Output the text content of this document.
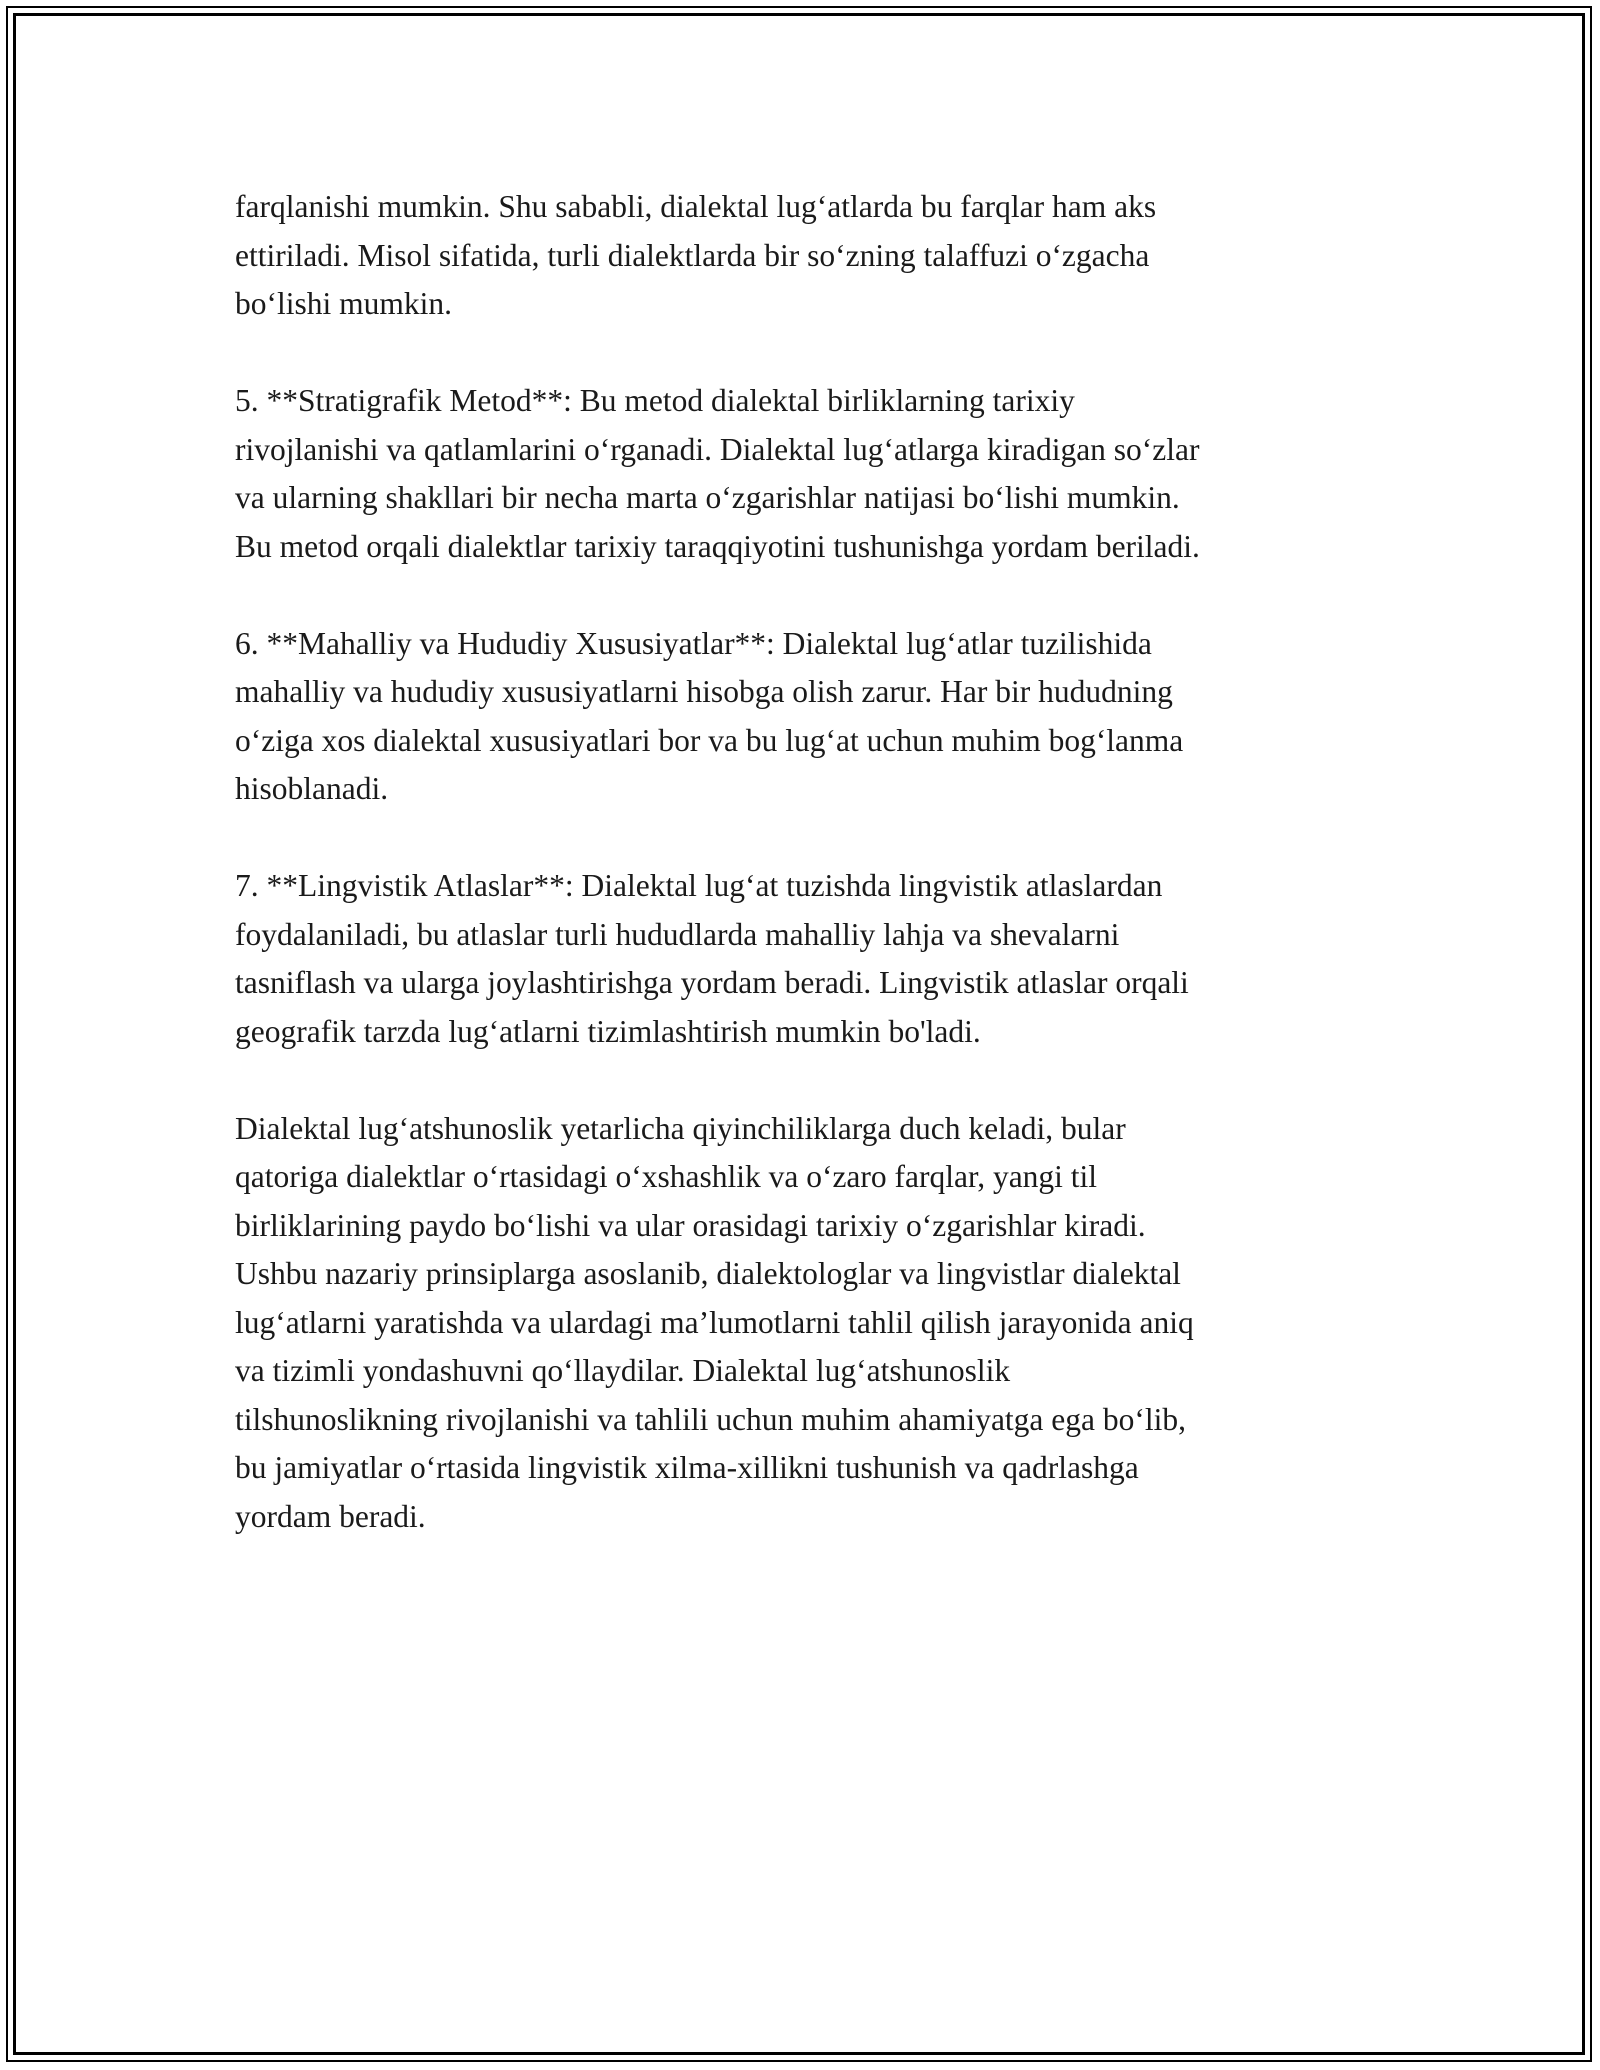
farqlanishi mumkin. Shu sababli, dialektal lug‘atlarda bu farqlar ham aks
ettiriladi. Misol sifatida, turli dialektlarda bir so‘zning talaffuzi o‘zgacha
bo‘lishi mumkin.

5. **Stratigrafik Metod**: Bu metod dialektal birliklarning tarixiy
rivojlanishi va qatlamlarini o‘rganadi. Dialektal lug‘atlarga kiradigan so‘zlar
va ularning shakllari bir necha marta o‘zgarishlar natijasi bo‘lishi mumkin.
Bu metod orqali dialektlar tarixiy taraqqiyotini tushunishga yordam beriladi.

6. **Mahalliy va Hududiy Xususiyatlar**: Dialektal lug‘atlar tuzilishida
mahalliy va hududiy xususiyatlarni hisobga olish zarur. Har bir hududning
o‘ziga xos dialektal xususiyatlari bor va bu lug‘at uchun muhim bog‘lanma
hisoblanadi.

7. **Lingvistik Atlaslar**: Dialektal lug‘at tuzishda lingvistik atlaslardan
foydalaniladi, bu atlaslar turli hududlarda mahalliy lahja va shevalarni
tasniflash va ularga joylashtirishga yordam beradi. Lingvistik atlaslar orqali
geografik tarzda lug‘atlarni tizimlashtirish mumkin bo'ladi.

Dialektal lug‘atshunoslik yetarlicha qiyinchiliklarga duch keladi, bular
qatoriga dialektlar o‘rtasidagi o‘xshashlik va o‘zaro farqlar, yangi til
birliklarining paydo bo‘lishi va ular orasidagi tarixiy o‘zgarishlar kiradi.
Ushbu nazariy prinsiplarga asoslanib, dialektologlar va lingvistlar dialektal
lug‘atlarni yaratishda va ulardagi ma’lumotlarni tahlil qilish jarayonida aniq
va tizimli yondashuvni qo‘llaydilar. Dialektal lug‘atshunoslik
tilshunoslikning rivojlanishi va tahlili uchun muhim ahamiyatga ega bo‘lib,
bu jamiyatlar o‘rtasida lingvistik xilma-xillikni tushunish va qadrlashga
yordam beradi.
